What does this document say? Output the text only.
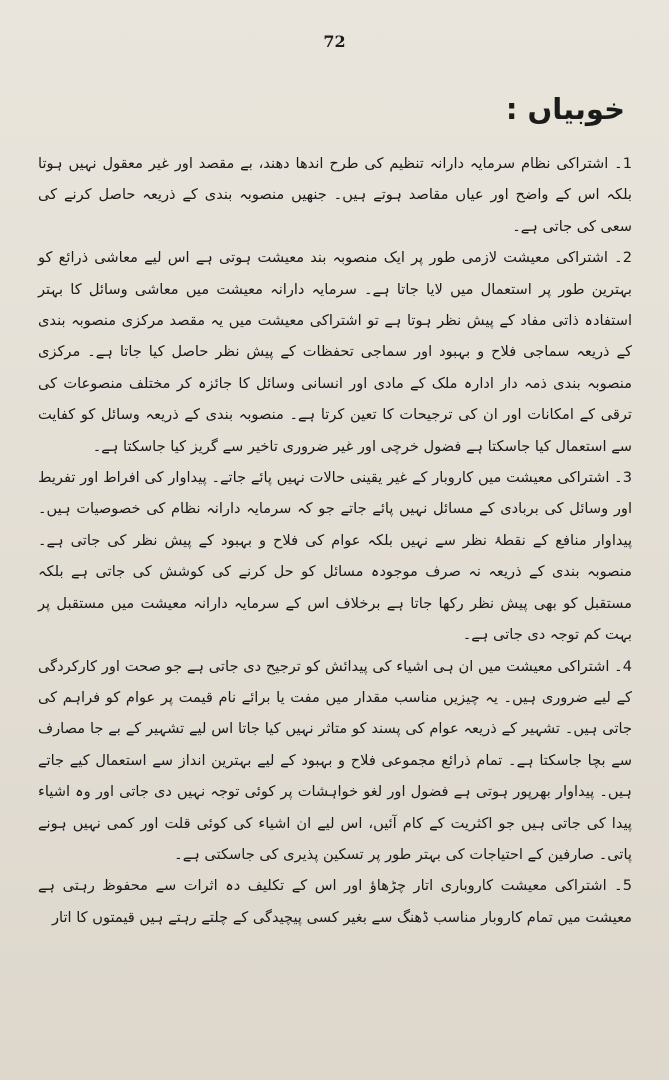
72
خوبیاں :

1۔ اشتراکی نظام سرمایہ دارانہ تنظیم کی طرح اندھا دھند، بے مقصد اور غیر معقول نہیں ہوتا بلکہ اس کے واضح اور عیاں مقاصد ہوتے ہیں۔ جنھیں منصوبہ بندی کے ذریعہ حاصل کرنے کی سعی کی جاتی ہے۔

2۔ اشتراکی معیشت لازمی طور پر ایک منصوبہ بند معیشت ہوتی ہے اس لیے معاشی ذرائع کو بہترین طور پر استعمال میں لایا جاتا ہے۔ سرمایہ دارانہ معیشت میں معاشی وسائل کا بہتر استفادہ ذاتی مفاد کے پیش نظر ہوتا ہے تو اشتراکی معیشت میں یہ مقصد مرکزی منصوبہ بندی کے ذریعہ سماجی فلاح و بہبود اور سماجی تحفظات کے پیش نظر حاصل کیا جاتا ہے۔ مرکزی منصوبہ بندی ذمہ دار ادارہ ملک کے مادی اور انسانی وسائل کا جائزہ کر مختلف منصوعات کی ترقی کے امکانات اور ان کی ترجیحات کا تعین کرتا ہے۔ منصوبہ بندی کے ذریعہ وسائل کو کفایت سے استعمال کیا جاسکتا ہے فضول خرچی اور غیر ضروری تاخیر سے گریز کیا جاسکتا ہے۔

3۔ اشتراکی معیشت میں کاروبار کے غیر یقینی حالات نہیں پائے جاتے۔ پیداوار کی افراط اور تفریط اور وسائل کی بربادی کے مسائل نہیں پائے جاتے جو کہ سرمایہ دارانہ نظام کی خصوصیات ہیں۔ پیداوار منافع کے نقطۂ نظر سے نہیں بلکہ عوام کی فلاح و بہبود کے پیش نظر کی جاتی ہے۔ منصوبہ بندی کے ذریعہ نہ صرف موجودہ مسائل کو حل کرنے کی کوشش کی جاتی ہے بلکہ مستقبل کو بھی پیش نظر رکھا جاتا ہے برخلاف اس کے سرمایہ دارانہ معیشت میں مستقبل پر بہت کم توجہ دی جاتی ہے۔

4۔ اشتراکی معیشت میں ان ہی اشیاء کی پیدائش کو ترجیح دی جاتی ہے جو صحت اور کارکردگی کے لیے ضروری ہیں۔ یہ چیزیں مناسب مقدار میں مفت یا برائے نام قیمت پر عوام کو فراہم کی جاتی ہیں۔ تشہیر کے ذریعہ عوام کی پسند کو متاثر نہیں کیا جاتا اس لیے تشہیر کے بے جا مصارف سے بچا جاسکتا ہے۔ تمام ذرائع مجموعی فلاح و بہبود کے لیے بہترین انداز سے استعمال کیے جاتے ہیں۔ پیداوار بھرپور ہوتی ہے فضول اور لغو خواہشات پر کوئی توجہ نہیں دی جاتی اور وہ اشیاء پیدا کی جاتی ہیں جو اکثریت کے کام آئیں، اس لیے ان اشیاء کی کوئی قلت اور کمی نہیں ہونے پاتی۔ صارفین کے احتیاجات کی بہتر طور پر تسکین پذیری کی جاسکتی ہے۔

5۔ اشتراکی معیشت کاروباری اتار چڑھاؤ اور اس کے تکلیف دہ اثرات سے محفوظ رہتی ہے معیشت میں تمام کاروبار مناسب ڈھنگ سے بغیر کسی پیچیدگی کے چلتے رہتے ہیں قیمتوں کا اتار
